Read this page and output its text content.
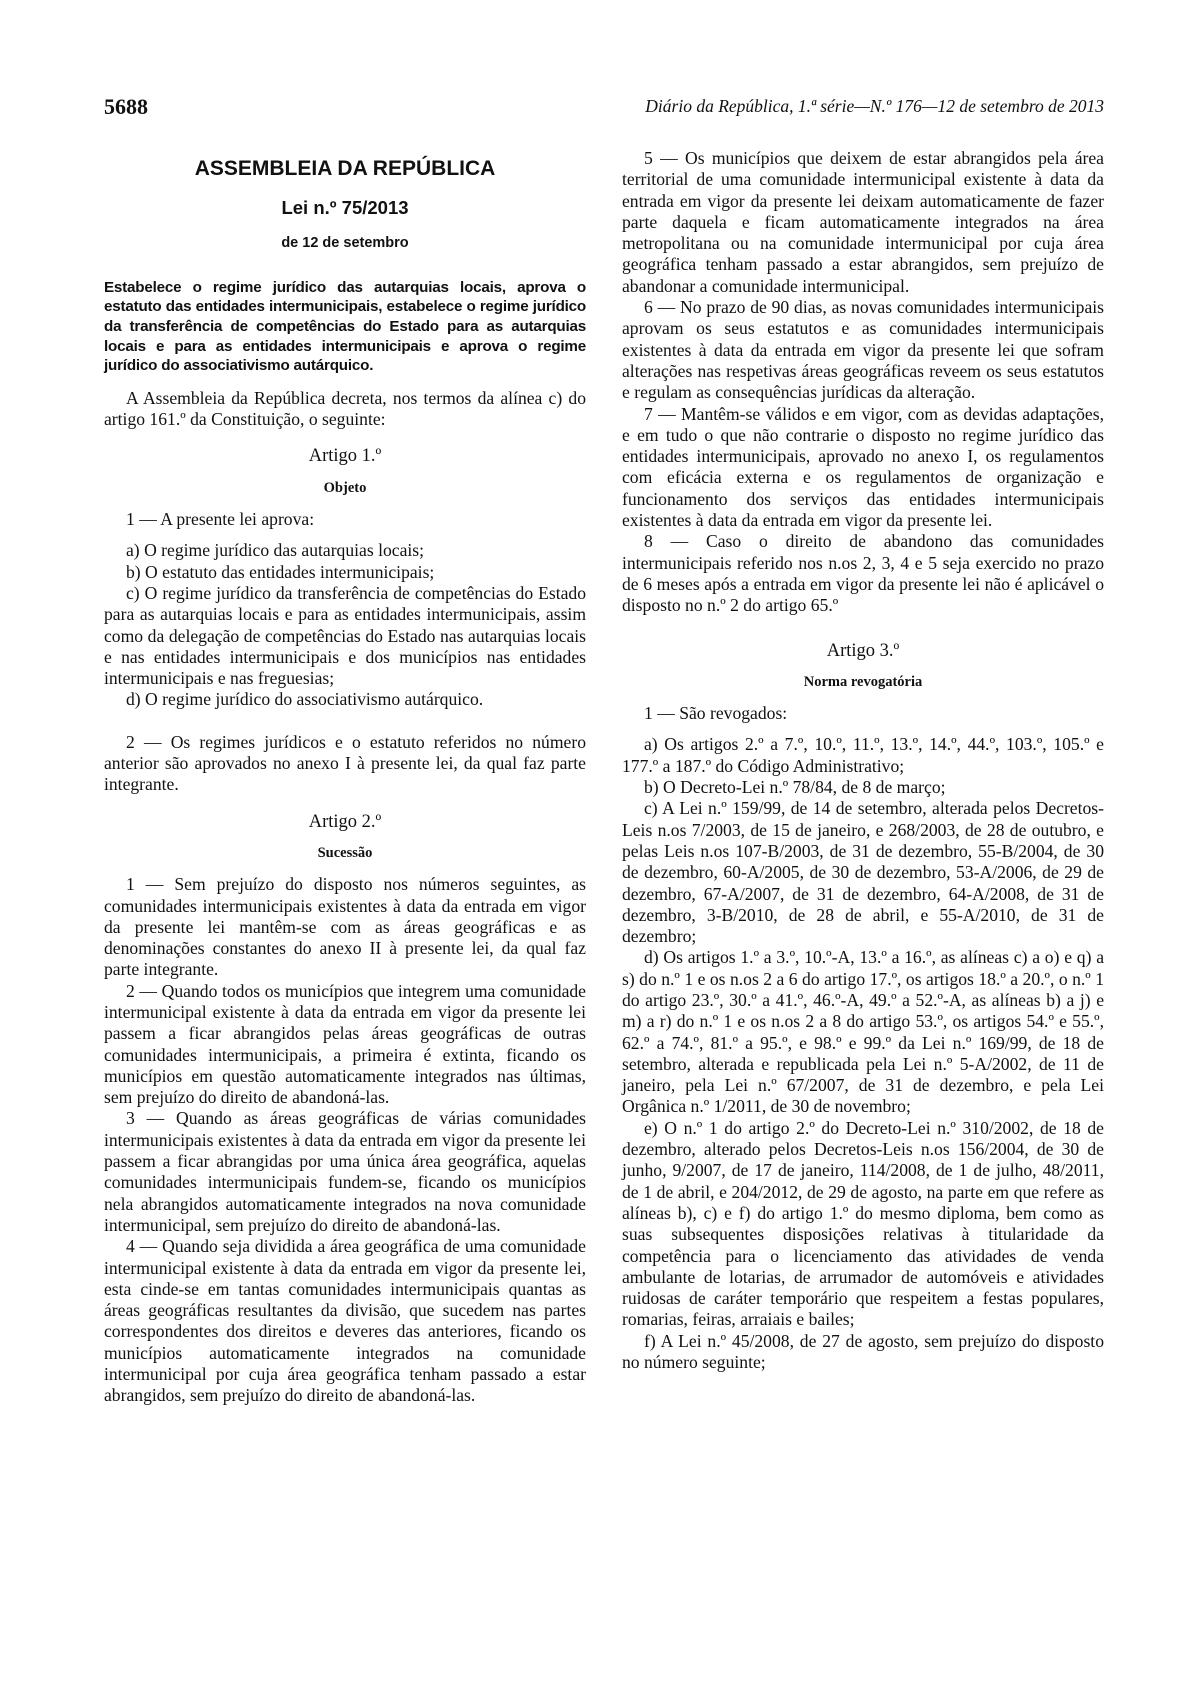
5688	Diário da República, 1.ª série—N.º 176—12 de setembro de 2013
ASSEMBLEIA DA REPÚBLICA
Lei n.º 75/2013
de 12 de setembro
Estabelece o regime jurídico das autarquias locais, aprova o estatuto das entidades intermunicipais, estabelece o regime jurídico da transferência de competências do Estado para as autarquias locais e para as entidades intermunicipais e aprova o regime jurídico do associativismo autárquico.

A Assembleia da República decreta, nos termos da alínea c) do artigo 161.º da Constituição, o seguinte:

Artigo 1.º
Objeto

1 — A presente lei aprova:

a) O regime jurídico das autarquias locais;

b) O estatuto das entidades intermunicipais;

c) O regime jurídico da transferência de competências do Estado para as autarquias locais e para as entidades intermunicipais, assim como da delegação de competências do Estado nas autarquias locais e nas entidades intermunicipais e dos municípios nas entidades intermunicipais e nas freguesias;

d) O regime jurídico do associativismo autárquico.

2 — Os regimes jurídicos e o estatuto referidos no número anterior são aprovados no anexo I à presente lei, da qual faz parte integrante.

Artigo 2.º
Sucessão

1 — Sem prejuízo do disposto nos números seguintes, as comunidades intermunicipais existentes à data da entrada em vigor da presente lei mantêm-se com as áreas geográficas e as denominações constantes do anexo II à presente lei, da qual faz parte integrante.

2 — Quando todos os municípios que integrem uma comunidade intermunicipal existente à data da entrada em vigor da presente lei passem a ficar abrangidos pelas áreas geográficas de outras comunidades intermunicipais, a primeira é extinta, ficando os municípios em questão automaticamente integrados nas últimas, sem prejuízo do direito de abandoná-las.

3 — Quando as áreas geográficas de várias comunidades intermunicipais existentes à data da entrada em vigor da presente lei passem a ficar abrangidas por uma única área geográfica, aquelas comunidades intermunicipais fundem-se, ficando os municípios nela abrangidos automaticamente integrados na nova comunidade intermunicipal, sem prejuízo do direito de abandoná-las.

4 — Quando seja dividida a área geográfica de uma comunidade intermunicipal existente à data da entrada em vigor da presente lei, esta cinde-se em tantas comunidades intermunicipais quantas as áreas geográficas resultantes da divisão, que sucedem nas partes correspondentes dos direitos e deveres das anteriores, ficando os municípios automaticamente integrados na comunidade intermunicipal por cuja área geográfica tenham passado a estar abrangidos, sem prejuízo do direito de abandoná-las.

5 — Os municípios que deixem de estar abrangidos pela área territorial de uma comunidade intermunicipal existente à data da entrada em vigor da presente lei deixam automaticamente de fazer parte daquela e ficam automaticamente integrados na área metropolitana ou na comunidade intermunicipal por cuja área geográfica tenham passado a estar abrangidos, sem prejuízo de abandonar a comunidade intermunicipal.

6 — No prazo de 90 dias, as novas comunidades intermunicipais aprovam os seus estatutos e as comunidades intermunicipais existentes à data da entrada em vigor da presente lei que sofram alterações nas respetivas áreas geográficas reveem os seus estatutos e regulam as consequências jurídicas da alteração.

7 — Mantêm-se válidos e em vigor, com as devidas adaptações, e em tudo o que não contrarie o disposto no regime jurídico das entidades intermunicipais, aprovado no anexo I, os regulamentos com eficácia externa e os regulamentos de organização e funcionamento dos serviços das entidades intermunicipais existentes à data da entrada em vigor da presente lei.

8 — Caso o direito de abandono das comunidades intermunicipais referido nos n.os 2, 3, 4 e 5 seja exercido no prazo de 6 meses após a entrada em vigor da presente lei não é aplicável o disposto no n.º 2 do artigo 65.º

Artigo 3.º
Norma revogatória

1 — São revogados:

a) Os artigos 2.º a 7.º, 10.º, 11.º, 13.º, 14.º, 44.º, 103.º, 105.º e 177.º a 187.º do Código Administrativo;

b) O Decreto-Lei n.º 78/84, de 8 de março;

c) A Lei n.º 159/99, de 14 de setembro, alterada pelos Decretos-Leis n.os 7/2003, de 15 de janeiro, e 268/2003, de 28 de outubro, e pelas Leis n.os 107-B/2003, de 31 de dezembro, 55-B/2004, de 30 de dezembro, 60-A/2005, de 30 de dezembro, 53-A/2006, de 29 de dezembro, 67-A/2007, de 31 de dezembro, 64-A/2008, de 31 de dezembro, 3-B/2010, de 28 de abril, e 55-A/2010, de 31 de dezembro;

d) Os artigos 1.º a 3.º, 10.º-A, 13.º a 16.º, as alíneas c) a o) e q) a s) do n.º 1 e os n.os 2 a 6 do artigo 17.º, os artigos 18.º a 20.º, o n.º 1 do artigo 23.º, 30.º a 41.º, 46.º-A, 49.º a 52.º-A, as alíneas b) a j) e m) a r) do n.º 1 e os n.os 2 a 8 do artigo 53.º, os artigos 54.º e 55.º, 62.º a 74.º, 81.º a 95.º, e 98.º e 99.º da Lei n.º 169/99, de 18 de setembro, alterada e republicada pela Lei n.º 5-A/2002, de 11 de janeiro, pela Lei n.º 67/2007, de 31 de dezembro, e pela Lei Orgânica n.º 1/2011, de 30 de novembro;

e) O n.º 1 do artigo 2.º do Decreto-Lei n.º 310/2002, de 18 de dezembro, alterado pelos Decretos-Leis n.os 156/2004, de 30 de junho, 9/2007, de 17 de janeiro, 114/2008, de 1 de julho, 48/2011, de 1 de abril, e 204/2012, de 29 de agosto, na parte em que refere as alíneas b), c) e f) do artigo 1.º do mesmo diploma, bem como as suas subsequentes disposições relativas à titularidade da competência para o licenciamento das atividades de venda ambulante de lotarias, de arrumador de automóveis e atividades ruidosas de caráter temporário que respeitem a festas populares, romarias, feiras, arraiais e bailes;

f) A Lei n.º 45/2008, de 27 de agosto, sem prejuízo do disposto no número seguinte;
